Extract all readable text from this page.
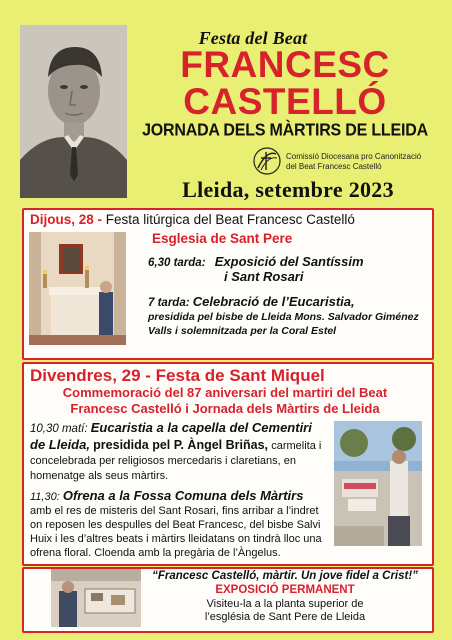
Festa del Beat
FRANCESC
CASTELLÓ
JORNADA DELS MÀRTIRS DE LLEIDA
Comissió Diocesana pro Canonització
del Beat Francesc Castelló
Lleida, setembre 2023
Dijous, 28 - Festa litúrgica del Beat Francesc Castelló
Esglesia de Sant Pere
6,30 tarda: Exposició del Santíssim
i Sant Rosari
7 tarda: Celebració de l’Eucaristia,
presidida pel bisbe de Lleida Mons. Salvador Giménez Valls i solemnitzada per la Coral Estel
Divendres, 29 - Festa de Sant Miquel
Commemoració del 87 aniversari del martiri del Beat
Francesc Castelló i Jornada dels Màrtirs de Lleida
10,30 matí: Eucaristia a la capella del Cementiri de Lleida, presidida pel P. Àngel Briñas, carmelita i concelebrada per religiosos mercedaris i claretians, en homenatge als seus màrtirs.
11,30: Ofrena a la Fossa Comuna dels Màrtirs
amb el res de misteris del Sant Rosari, fins arribar a l’indret on reposen les despulles del Beat Francesc, del bisbe Salvi Huix i les d’altres beats i màrtirs lleidatans on tindrà lloc una ofrena floral. Cloenda amb la pregària de l’Àngelus.
“Francesc Castelló, màrtir. Un jove fidel a Crist!”
EXPOSICIÓ PERMANENT
Visiteu-la a la planta superior de
l’església de Sant Pere de Lleida
